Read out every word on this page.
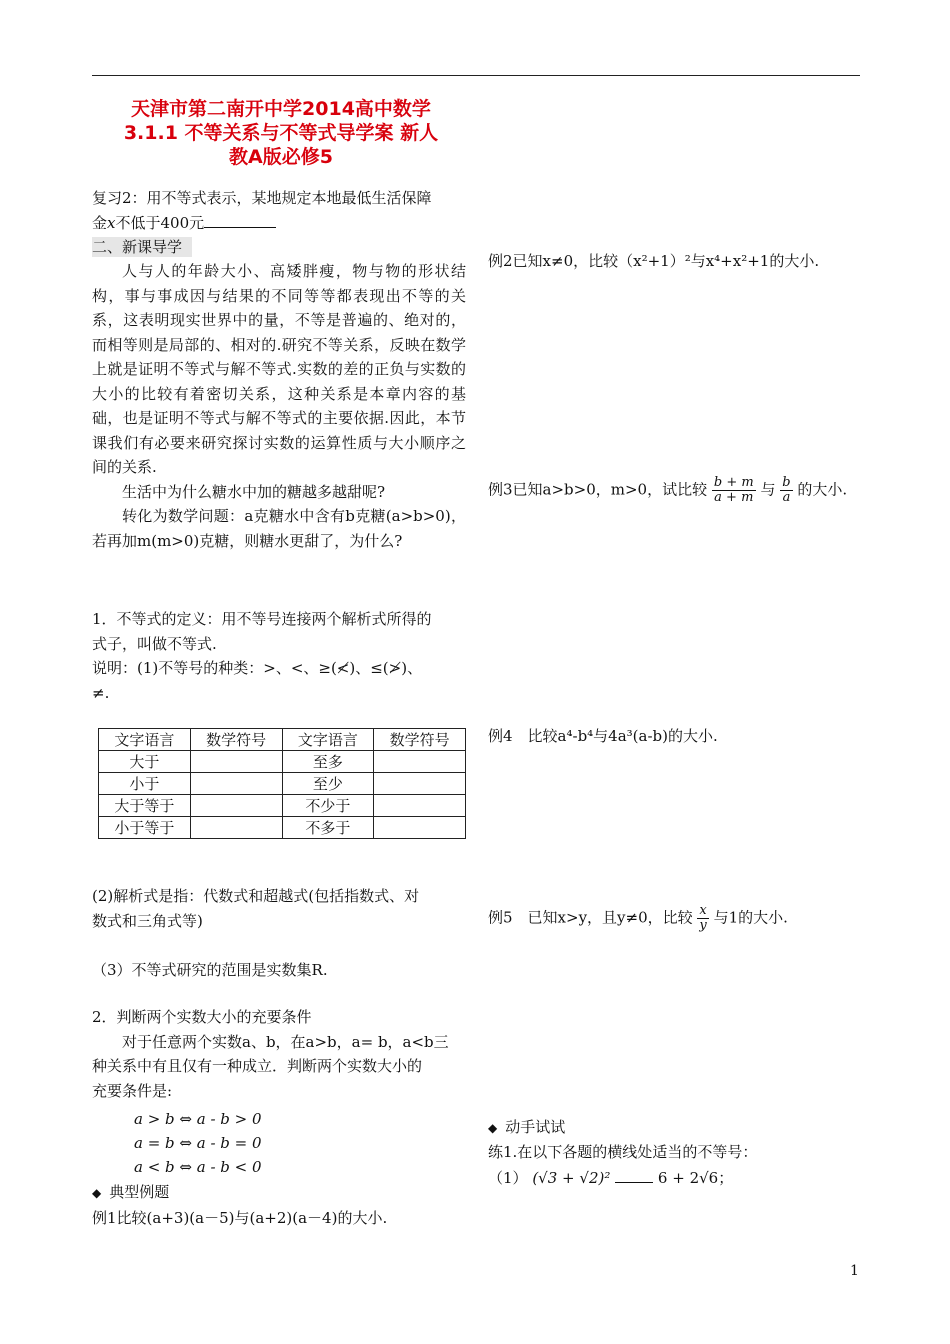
天津市第二南开中学2014高中数学
3.1.1 不等关系与不等式导学案 新人
教A版必修5
复习2：用不等式表示，某地规定本地最低生活保障
金x不低于400元
二、新课导学
人与人的年龄大小、高矮胖瘦，物与物的形状结构，事与事成因与结果的不同等等都表现出不等的关系，这表明现实世界中的量，不等是普遍的、绝对的，而相等则是局部的、相对的.研究不等关系，反映在数学上就是证明不等式与解不等式.实数的差的正负与实数的大小的比较有着密切关系，这种关系是本章内容的基础，也是证明不等式与解不等式的主要依据.因此，本节课我们有必要来研究探讨实数的运算性质与大小顺序之间的关系.
生活中为什么糖水中加的糖越多越甜呢?
转化为数学问题：a克糖水中含有b克糖(a>b>0)，若再加m(m>0)克糖，则糖水更甜了，为什么?
1．不等式的定义：用不等号连接两个解析式所得的
式子，叫做不等式.
说明：(1)不等号的种类：>、<、≥(≮)、≤(≯)、
≠.
文字语言	数学符号	文字语言	数学符号
大于		至多	
小于		至少	
大于等于		不少于	
小于等于		不多于	
(2)解析式是指：代数式和超越式(包括指数式、对
数式和三角式等)
（3）不等式研究的范围是实数集R.
2．判断两个实数大小的充要条件
对于任意两个实数a、b，在a>b，a= b，a<b三
种关系中有且仅有一种成立．判断两个实数大小的
充要条件是:
a > b ⇔ a - b > 0
a = b ⇔ a - b = 0
a < b ⇔ a - b < 0
◆ 典型例题
例1比较(a+3)(a－5)与(a+2)(a－4)的大小.
例2已知x≠0，比较（x²+1）²与x⁴+x²+1的大小.
例3已知a>b>0，m>0，试比较 $\frac{b + m}{a + m}$ 与 $\frac{b}{a}$ 的大小.
例4　比较a⁴-b⁴与4a³(a-b)的大小.
例5　已知x>y，且y≠0，比较 $\frac{x}{y}$ 与1的大小.
◆ 动手试试
练1.在以下各题的横线处适当的不等号：
（1） (√3 + √2)²	6 + 2√6；
1
